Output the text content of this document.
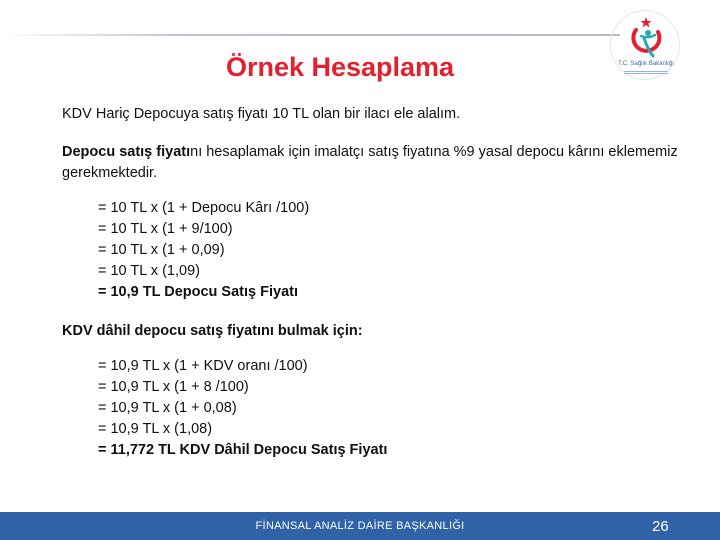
Örnek Hesaplama	T.C. Sağlık Bakanlığı

KDV Hariç Depocuya satış fiyatı 10 TL olan bir ilacı ele alalım.

Depocu satış fiyatını hesaplamak için imalatçı satış fiyatına %9 yasal depocu kârını eklememiz gerekmektedir.

= 10 TL x (1 + Depocu Kârı /100)
= 10 TL x (1 + 9/100)
= 10 TL x (1 + 0,09)
= 10 TL x (1,09)
= 10,9 TL Depocu Satış Fiyatı
KDV dâhil depocu satış fiyatını bulmak için:
= 10,9 TL x (1 + KDV oranı /100)
= 10,9 TL x (1 + 8 /100)
= 10,9 TL x (1 + 0,08)
= 10,9 TL x (1,08)
= 11,772 TL KDV Dâhil Depocu Satış Fiyatı
FİNANSAL ANALİZ DAİRE BAŞKANLIĞI	26
